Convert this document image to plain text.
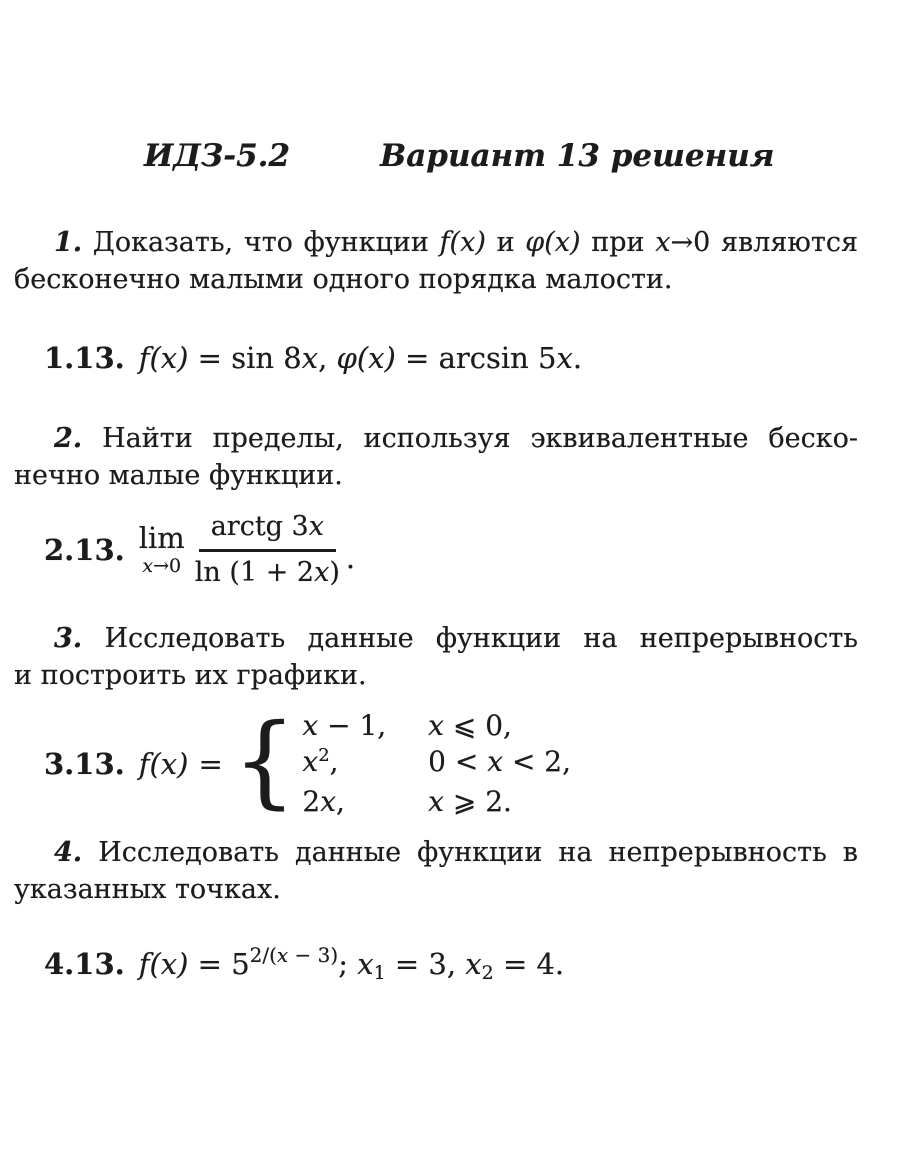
ИДЗ-5.2	Вариант 13 решения

1. Доказать, что функции f(x) и φ(x) при x→0 являются
бесконечно малыми одного порядка малости.

1.13. f(x) = sin 8x, φ(x) = arcsin 5x.

2. Найти пределы, используя эквивалентные беско-
нечно малые функции.

2.13. lim
$x\to 0 \frac{\text{arctg 3x}}{\ln (1 + 2x)}$ .

3. Исследовать данные функции на непрерывность
и построить их графики.

3.13. f(x) = { x − 1, x ⩽ 0,
$x^2$,	0 < x < 2,
2x,	x ⩾ 2.

4. Исследовать данные функции на непрерывность в
указанных точках.

4.13. $f(x) = 5^{2/(x - 3)}$; x1 = 3, x2 = 4.
